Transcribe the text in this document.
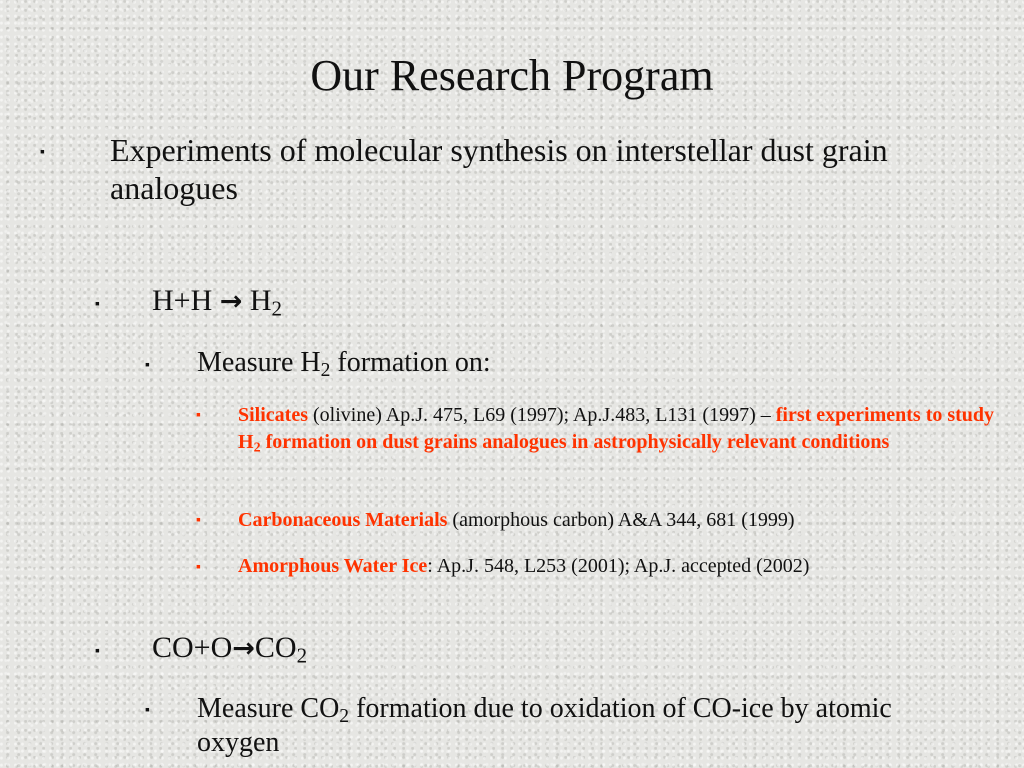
Our Research Program
▪ Experiments of molecular synthesis on interstellar dust grain analogues
▪ $H+H \to H_2$
▪ Measure $H_2$ formation on:
▪ Silicates (olivine) Ap.J. 475, L69 (1997); Ap.J.483, L131 (1997) – first experiments to study $H_2$ formation on dust grains analogues in astrophysically relevant conditions
▪ Carbonaceous Materials (amorphous carbon) A&A 344, 681 (1999)
▪ Amorphous Water Ice: Ap.J. 548, L253 (2001); Ap.J. accepted (2002)
▪ $CO+O\to CO_2$
▪ Measure $CO_2$ formation due to oxidation of CO-ice by atomic oxygen
